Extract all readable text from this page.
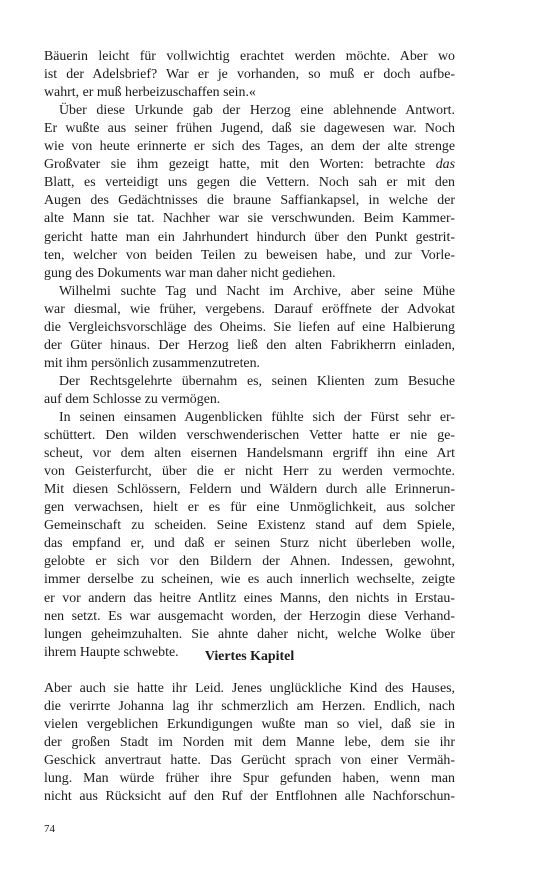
Bäuerin leicht für vollwichtig erachtet werden möchte. Aber wo
ist der Adelsbrief? War er je vorhanden, so muß er doch aufbe-
wahrt, er muß herbeizuschaffen sein.«
Über diese Urkunde gab der Herzog eine ablehnende Antwort.
Er wußte aus seiner frühen Jugend, daß sie dagewesen war. Noch
wie von heute erinnerte er sich des Tages, an dem der alte strenge
Großvater sie ihm gezeigt hatte, mit den Worten: betrachte das
Blatt, es verteidigt uns gegen die Vettern. Noch sah er mit den
Augen des Gedächtnisses die braune Saffiankapsel, in welche der
alte Mann sie tat. Nachher war sie verschwunden. Beim Kammer-
gericht hatte man ein Jahrhundert hindurch über den Punkt gestrit-
ten, welcher von beiden Teilen zu beweisen habe, und zur Vorle-
gung des Dokuments war man daher nicht gediehen.
Wilhelmi suchte Tag und Nacht im Archive, aber seine Mühe
war diesmal, wie früher, vergebens. Darauf eröffnete der Advokat
die Vergleichsvorschläge des Oheims. Sie liefen auf eine Halbierung
der Güter hinaus. Der Herzog ließ den alten Fabrikherrn einladen,
mit ihm persönlich zusammenzutreten.
Der Rechtsgelehrte übernahm es, seinen Klienten zum Besuche
auf dem Schlosse zu vermögen.
In seinen einsamen Augenblicken fühlte sich der Fürst sehr er-
schüttert. Den wilden verschwenderischen Vetter hatte er nie ge-
scheut, vor dem alten eisernen Handelsmann ergriff ihn eine Art
von Geisterfurcht, über die er nicht Herr zu werden vermochte.
Mit diesen Schlössern, Feldern und Wäldern durch alle Erinnerun-
gen verwachsen, hielt er es für eine Unmöglichkeit, aus solcher
Gemeinschaft zu scheiden. Seine Existenz stand auf dem Spiele,
das empfand er, und daß er seinen Sturz nicht überleben wolle,
gelobte er sich vor den Bildern der Ahnen. Indessen, gewohnt,
immer derselbe zu scheinen, wie es auch innerlich wechselte, zeigte
er vor andern das heitre Antlitz eines Manns, den nichts in Erstau-
nen setzt. Es war ausgemacht worden, der Herzogin diese Verhand-
lungen geheimzuhalten. Sie ahnte daher nicht, welche Wolke über
ihrem Haupte schwebte.	Viertes Kapitel
Aber auch sie hatte ihr Leid. Jenes unglückliche Kind des Hauses,
die verirrte Johanna lag ihr schmerzlich am Herzen. Endlich, nach
vielen vergeblichen Erkundigungen wußte man so viel, daß sie in
der großen Stadt im Norden mit dem Manne lebe, dem sie ihr
Geschick anvertraut hatte. Das Gerücht sprach von einer Vermäh-
lung. Man würde früher ihre Spur gefunden haben, wenn man
nicht aus Rücksicht auf den Ruf der Entflohnen alle Nachforschun-
74
